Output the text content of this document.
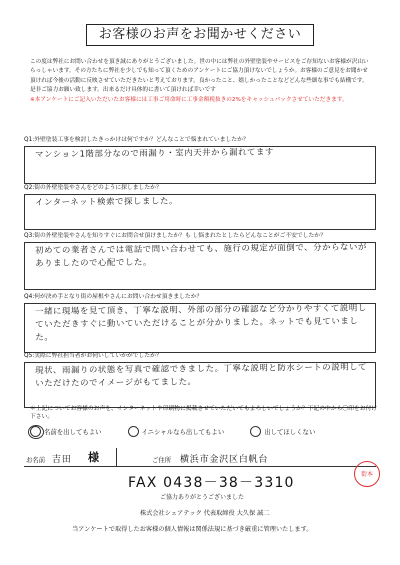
お客様のお声をお聞かせください
この度は弊社にお問い合わせを頂き誠にありがとうございました。世の中には弊社の外壁塗装やサービスをご存知ないお客様が沢山いらっしゃいます。その方たちに弊社を少しでも知って頂くためのアンケートにご協力頂けないでしょうか。お客様のご意見をお聞かせ頂ければ今後の活動に反映させていただきたいと考えております。良かったこと、嬉しかったことなどどんな些細な事でも結構です。是非ご協力お願い致します。出来るだけ具体的に書いて頂ければ幸いです
※本アンケートにご記入いただいたお客様には工事ご用命時に工事金額税抜きの2%をキャッシュバックさせていただきます。
Q1:外壁塗装工事を検討したきっかけは何ですか？どんなことで悩まれていましたか？
マンション1階部分なので雨漏り・室内天井から漏れてます
Q2:街の外壁塗装やさんをどのように探しましたか？
インターネット検索で探しました。
Q3:街の外壁塗装やさんを知りすぐにお問合せ頂けましたか？も し悩まれたとしたらどんなことがご不安でしたか？
初めての業者さんでは電話で問い合わせても、施行の規定が面倒で、分からないがありましたので心配でした。
Q4:何が決め手となり街の屋根やさんにお問い合わせ頂きましたか？
一緒に現場を見て頂き、丁寧な説明、外部の部分の確認など分かりやすくて説明していただきすぐに動いていただけることが分かりました。ネットでも見ていました。
Q5:実際に弊社担当者がお伺いしていかがでしたか？
現状、雨漏りの状態を写真で確認できました。丁寧な説明と防水シートの説明していただけたのでイメージがもてました。
＊上記についてお客様のお声を、インターネットや印刷物に掲載させていただいてもよろしいでしょうか？下記の中から〇印をお付け下さい。
名前を出してもよい	イニシャルなら出してもよい	出してほしくない
お名前 吉田 様	ご住所 横浜市金沢区白帆台
FAX 0438－38－3310
ご協力ありがとうございました
株式会社シェアテック 代表取締役 大久保 誠二
当アンケートで取得したお客様の個人情報は関係法規に基づき厳重に管理いたします。
街本
